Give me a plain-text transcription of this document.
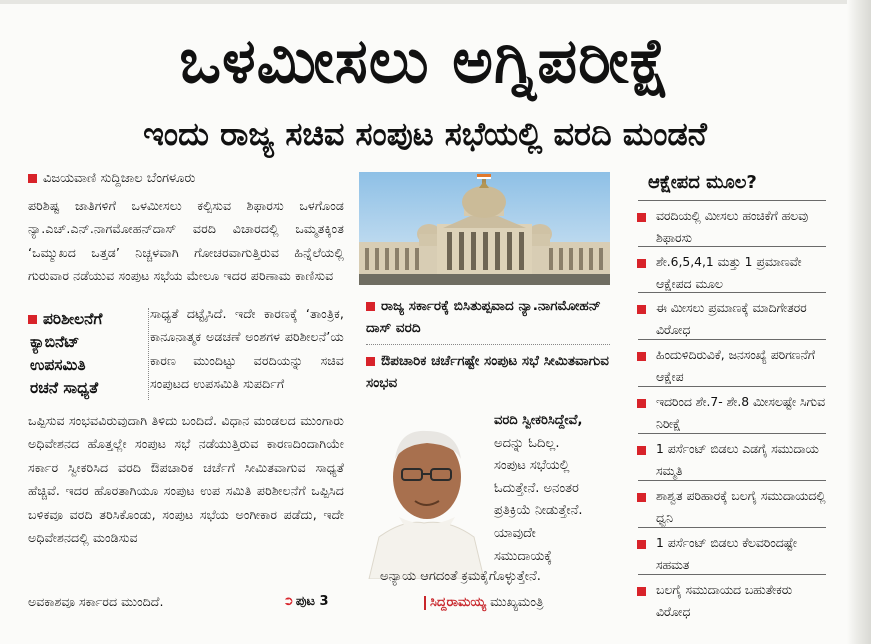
ಒಳಮೀಸಲು ಅಗ್ನಿಪರೀಕ್ಷೆ
ಇಂದು ರಾಜ್ಯ ಸಚಿವ ಸಂಪುಟ ಸಭೆಯಲ್ಲಿ ವರದಿ ಮಂಡನೆ
ವಿಜಯವಾಣಿ ಸುದ್ದಿಜಾಲ ಬೆಂಗಳೂರು
ಪರಿಶಿಷ್ಟ ಜಾತಿಗಳಿಗೆ ಒಳಮೀಸಲು ಕಲ್ಪಿಸುವ ಶಿಫಾರಸು ಒಳಗೊಂಡ ನ್ಯಾ.ಎಚ್.ಎನ್.ನಾಗಮೋಹನ್‌ದಾಸ್ ವರದಿ ವಿಚಾರದಲ್ಲಿ ಒಮ್ಮತಕ್ಕಿಂತ ‘ಒಮ್ಮುಖದ ಒತ್ತಡ’ ನಿಚ್ಚಳವಾಗಿ ಗೋಚರವಾಗುತ್ತಿರುವ ಹಿನ್ನೆಲೆಯಲ್ಲಿ ಗುರುವಾರ ನಡೆಯುವ ಸಂಪುಟ ಸಭೆಯ ಮೇಲೂ ಇದರ ಪರಿಣಾಮ ಕಾಣಿಸುವ
ಪರಿಶೀಲನೆಗೆ
ಕ್ಯಾಬಿನೆಟ್
ಉಪಸಮಿತಿ
ರಚನೆ ಸಾಧ್ಯತೆ
ಸಾಧ್ಯತೆ ದಟ್ಟೈಸಿದೆ. ಇದೇ ಕಾರಣಕ್ಕೆ ‘ತಾಂತ್ರಿಕ, ಕಾನೂನಾತ್ಮಕ ಅಡಚಣೆ ಅಂಶಗಳ ಪರಿಶೀಲನೆ’ಯ ಕಾರಣ ಮುಂದಿಟ್ಟು ವರದಿಯನ್ನು ಸಚಿವ ಸಂಪುಟದ ಉಪಸಮಿತಿ ಸುಪರ್ದಿಗೆ
ಒಪ್ಪಿಸುವ ಸಂಭವವಿರುವುದಾಗಿ ತಿಳಿದು ಬಂದಿದೆ. ವಿಧಾನ ಮಂಡಲದ ಮುಂಗಾರು ಅಧಿವೇಶನದ ಹೊತ್ತಲ್ಲೇ ಸಂಪುಟ ಸಭೆ ನಡೆಯುತ್ತಿರುವ ಕಾರಣದಿಂದಾಗಿಯೇ ಸರ್ಕಾರ ಸ್ವೀಕರಿಸಿದ ವರದಿ ಔಪಚಾರಿಕ ಚರ್ಚೆಗೆ ಸೀಮಿತವಾಗುವ ಸಾಧ್ಯತೆ ಹೆಚ್ಚಿವೆ. ಇದರ ಹೊರತಾಗಿಯೂ ಸಂಪುಟ ಉಪ ಸಮಿತಿ ಪರಿಶೀಲನೆಗೆ ಒಪ್ಪಿಸಿದ ಬಳಿಕವೂ ವರದಿ ತರಿಸಿಕೊಂಡು, ಸಂಪುಟ ಸಭೆಯ ಅಂಗೀಕಾರ ಪಡೆದು, ಇದೇ ಅಧಿವೇಶನದಲ್ಲಿ ಮಂಡಿಸುವ
ಅವಕಾಶವೂ ಸರ್ಕಾರದ ಮುಂದಿದೆ.	➲ ಪುಟ 3
ರಾಜ್ಯ ಸರ್ಕಾರಕ್ಕೆ ಬಿಸಿತುಪ್ಪವಾದ ನ್ಯಾ.ನಾಗಮೋಹನ್ ದಾಸ್ ವರದಿ
ಔಪಚಾರಿಕ ಚರ್ಚೆಗಷ್ಟೇ ಸಂಪುಟ ಸಭೆ ಸೀಮಿತವಾಗುವ ಸಂಭವ
ವರದಿ ಸ್ವೀಕರಿಸಿದ್ದೇವೆ,
ಅದನ್ನು ಓದಿಲ್ಲ.
ಸಂಪುಟ ಸಭೆಯಲ್ಲಿ
ಓದುತ್ತೇನೆ. ಅನಂತರ
ಪ್ರತಿಕ್ರಿಯೆ ನೀಡುತ್ತೇನೆ.
ಯಾವುದೇ
ಸಮುದಾಯಕ್ಕೆ
ಅನ್ಯಾಯ ಆಗದಂತೆ ಕ್ರಮಕೈಗೊಳ್ಳುತ್ತೇನೆ.
ಸಿದ್ದರಾಮಯ್ಯ ಮುಖ್ಯಮಂತ್ರಿ
ಆಕ್ಷೇಪದ ಮೂಲ?
ವರದಿಯಲ್ಲಿ ಮೀಸಲು ಹಂಚಿಕೆಗೆ ಹಲವು ಶಿಫಾರಸು
ಶೇ.6,5,4,1 ಮತ್ತು 1 ಪ್ರಮಾಣವೇ ಆಕ್ಷೇಪದ ಮೂಲ
ಈ ಮೀಸಲು ಪ್ರಮಾಣಕ್ಕೆ ಮಾದಿಗೇತರರ ವಿರೋಧ
ಹಿಂದುಳಿದಿರುವಿಕೆ, ಜನಸಂಖ್ಯೆ ಪರಿಗಣನೆಗೆ ಆಕ್ಷೇಪ
ಇದರಿಂದ ಶೇ.7- ಶೇ.8 ಮೀಸಲಷ್ಟೇ ಸಿಗುವ ನಿರೀಕ್ಷೆ
1 ಪರ್ಸೆಂಟ್ ಬಿಡಲು ಎಡಗೈ ಸಮುದಾಯ ಸಮ್ಮತಿ
ಶಾಶ್ವತ ಪರಿಹಾರಕ್ಕೆ ಬಲಗೈ ಸಮುದಾಯದಲ್ಲಿ ಧ್ವನಿ
1 ಪರ್ಸೆಂಟ್ ಬಿಡಲು ಕೆಲವರಿಂದಷ್ಟೇ ಸಹಮತ
ಬಲಗೈ ಸಮುದಾಯದ ಬಹುತೇಕರು ವಿರೋಧ
